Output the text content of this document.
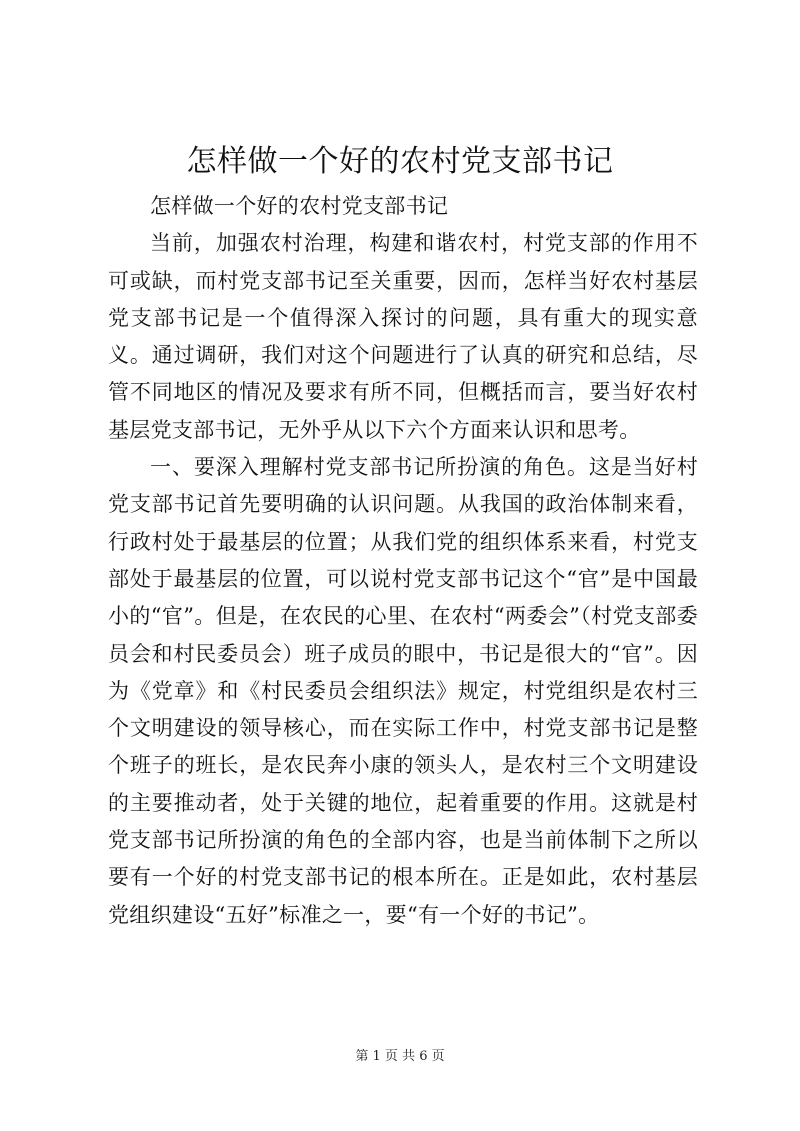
怎样做一个好的农村党支部书记

怎样做一个好的农村党支部书记

当前，加强农村治理，构建和谐农村，村党支部的作用不可或缺，而村党支部书记至关重要，因而，怎样当好农村基层党支部书记是一个值得深入探讨的问题，具有重大的现实意义。通过调研，我们对这个问题进行了认真的研究和总结，尽管不同地区的情况及要求有所不同，但概括而言，要当好农村基层党支部书记，无外乎从以下六个方面来认识和思考。

一、要深入理解村党支部书记所扮演的角色。这是当好村党支部书记首先要明确的认识问题。从我国的政治体制来看，行政村处于最基层的位置；从我们党的组织体系来看，村党支部处于最基层的位置，可以说村党支部书记这个“官”是中国最小的“官”。但是，在农民的心里、在农村“两委会”（村党支部委员会和村民委员会）班子成员的眼中，书记是很大的“官”。因为《党章》和《村民委员会组织法》规定，村党组织是农村三个文明建设的领导核心，而在实际工作中，村党支部书记是整个班子的班长，是农民奔小康的领头人，是农村三个文明建设的主要推动者，处于关键的地位，起着重要的作用。这就是村党支部书记所扮演的角色的全部内容，也是当前体制下之所以要有一个好的村党支部书记的根本所在。正是如此，农村基层党组织建设“五好”标准之一，要“有一个好的书记”。

第 1 页 共 6 页
